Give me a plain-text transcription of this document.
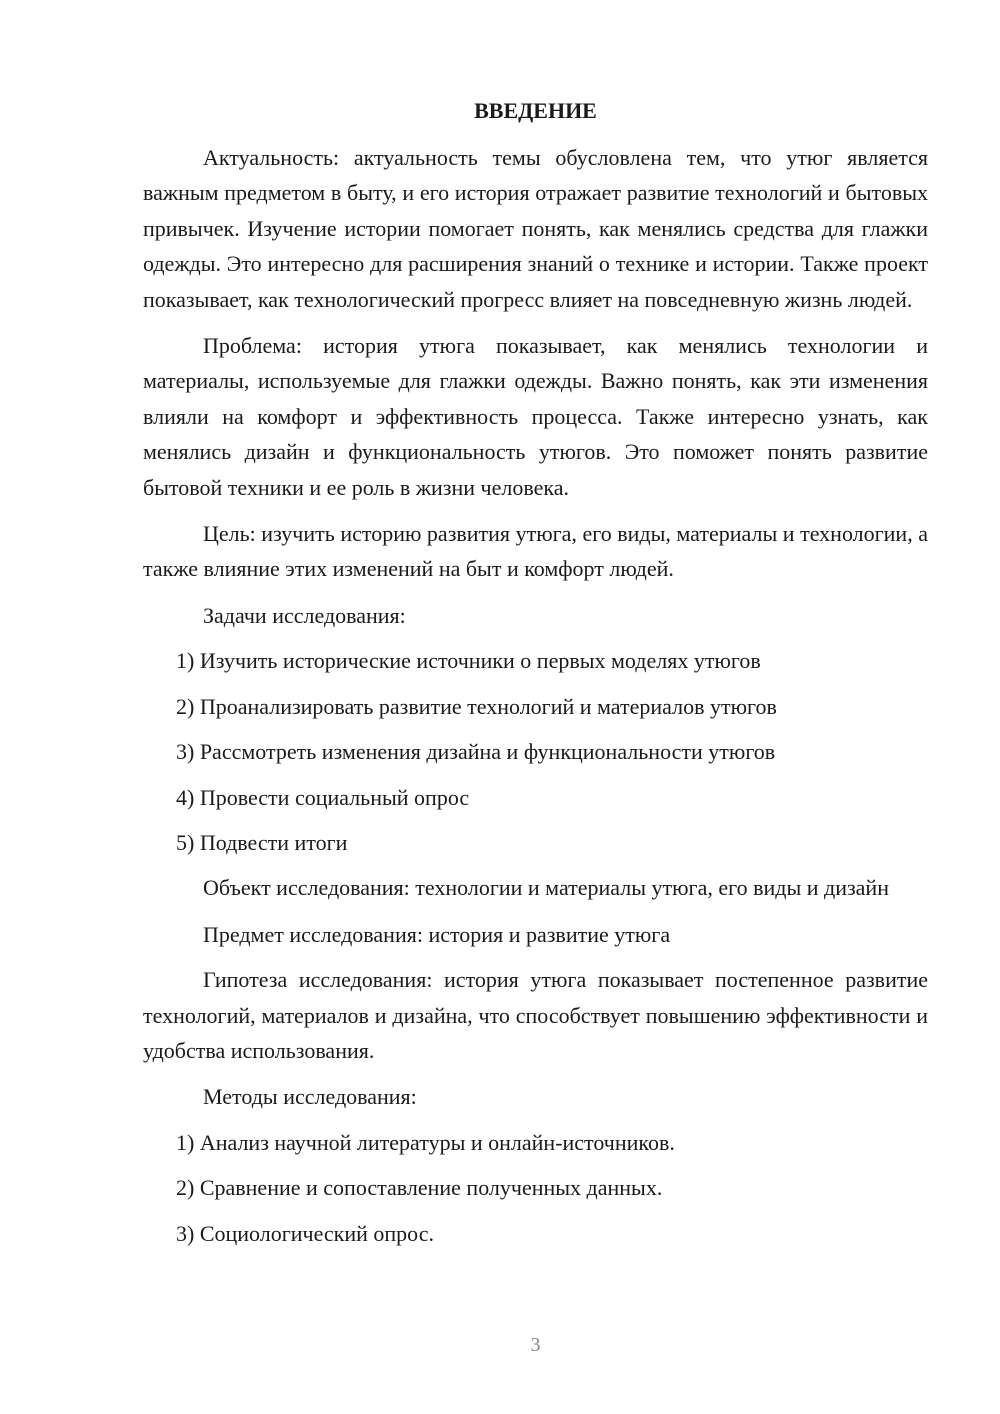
ВВЕДЕНИЕ

Актуальность: актуальность темы обусловлена тем, что утюг является важным предметом в быту, и его история отражает развитие технологий и бытовых привычек. Изучение истории помогает понять, как менялись средства для глажки одежды. Это интересно для расширения знаний о технике и истории. Также проект показывает, как технологический прогресс влияет на повседневную жизнь людей.

Проблема: история утюга показывает, как менялись технологии и материалы, используемые для глажки одежды. Важно понять, как эти изменения влияли на комфорт и эффективность процесса. Также интересно узнать, как менялись дизайн и функциональность утюгов. Это поможет понять развитие бытовой техники и ее роль в жизни человека.

Цель: изучить историю развития утюга, его виды, материалы и технологии, а также влияние этих изменений на быт и комфорт людей.

Задачи исследования:

1) Изучить исторические источники о первых моделях утюгов

2) Проанализировать развитие технологий и материалов утюгов

3) Рассмотреть изменения дизайна и функциональности утюгов

4) Провести социальный опрос

5) Подвести итоги

Объект исследования: технологии и материалы утюга, его виды и дизайн

Предмет исследования: история и развитие утюга

Гипотеза исследования: история утюга показывает постепенное развитие технологий, материалов и дизайна, что способствует повышению эффективности и удобства использования.

Методы исследования:

1) Анализ научной литературы и онлайн-источников.

2) Сравнение и сопоставление полученных данных.

3) Социологический опрос.

3
